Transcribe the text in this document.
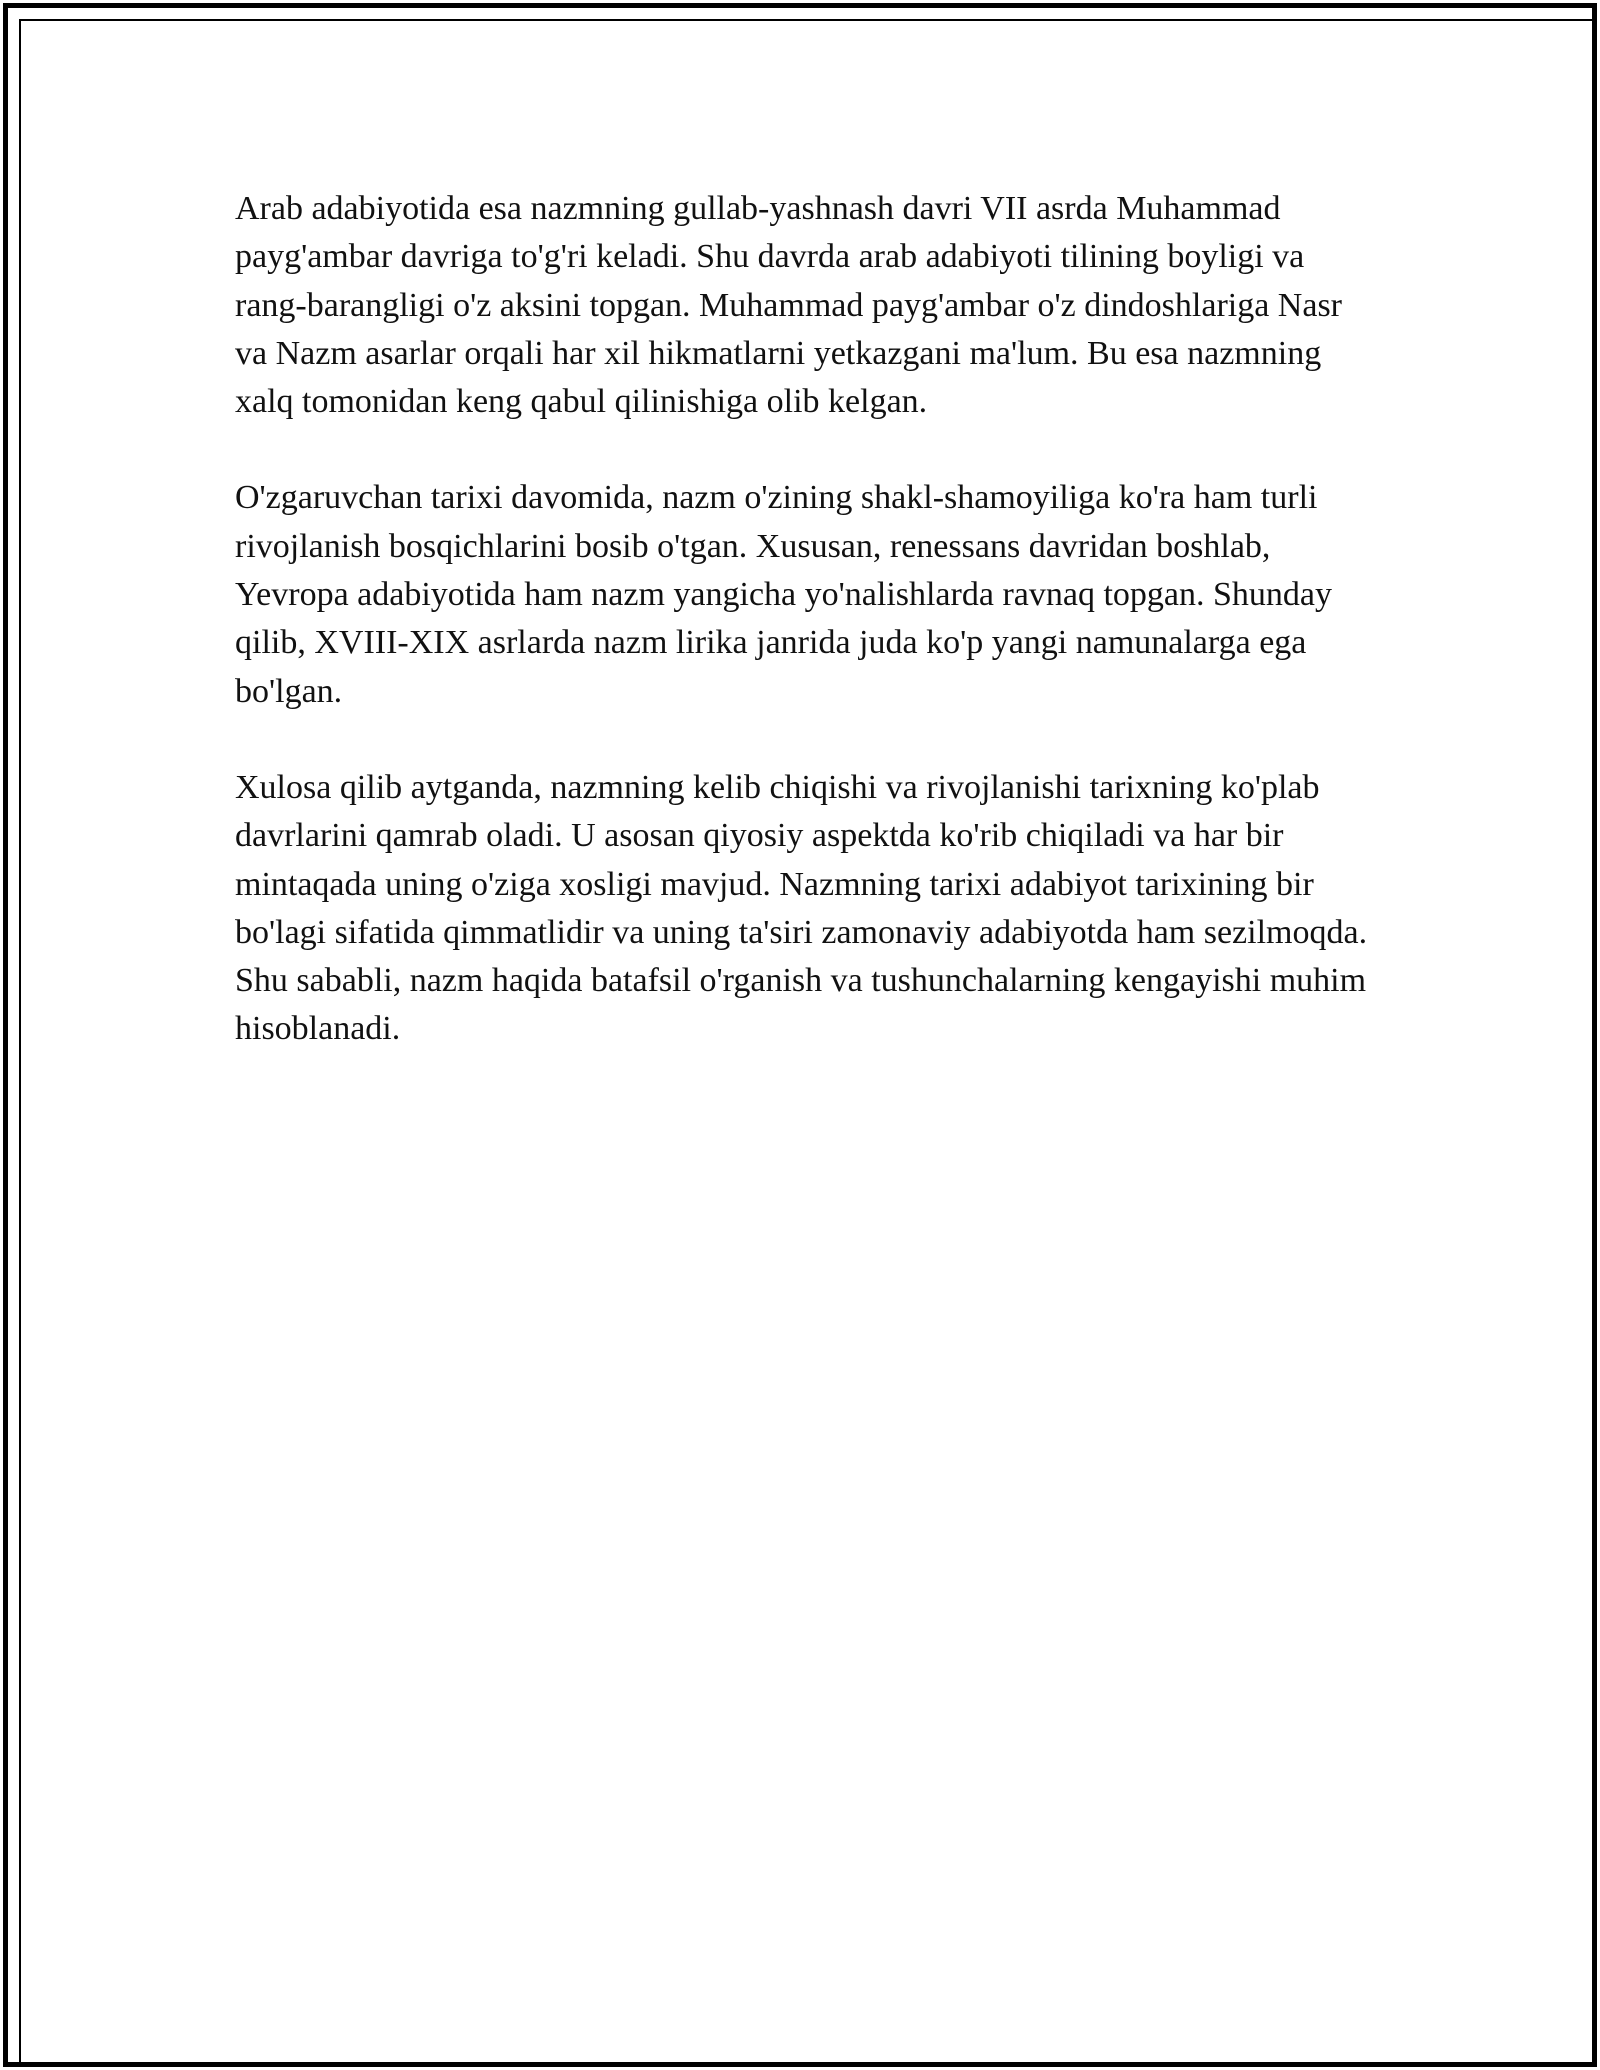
Arab adabiyotida esa nazmning gullab-yashnash davri VII asrda Muhammad payg'ambar davriga to'g'ri keladi. Shu davrda arab adabiyoti tilining boyligi va rang-barangligi o'z aksini topgan. Muhammad payg'ambar o'z dindoshlariga Nasr va Nazm asarlar orqali har xil hikmatlarni yetkazgani ma'lum. Bu esa nazmning xalq tomonidan keng qabul qilinishiga olib kelgan.

O'zgaruvchan tarixi davomida, nazm o'zining shakl-shamoyiliga ko'ra ham turli rivojlanish bosqichlarini bosib o'tgan. Xususan, renessans davridan boshlab, Yevropa adabiyotida ham nazm yangicha yo'nalishlarda ravnaq topgan. Shunday qilib, XVIII-XIX asrlarda nazm lirika janrida juda ko'p yangi namunalarga ega bo'lgan.

Xulosa qilib aytganda, nazmning kelib chiqishi va rivojlanishi tarixning ko'plab davrlarini qamrab oladi. U asosan qiyosiy aspektda ko'rib chiqiladi va har bir mintaqada uning o'ziga xosligi mavjud. Nazmning tarixi adabiyot tarixining bir bo'lagi sifatida qimmatlidir va uning ta'siri zamonaviy adabiyotda ham sezilmoqda. Shu sababli, nazm haqida batafsil o'rganish va tushunchalarning kengayishi muhim hisoblanadi.
